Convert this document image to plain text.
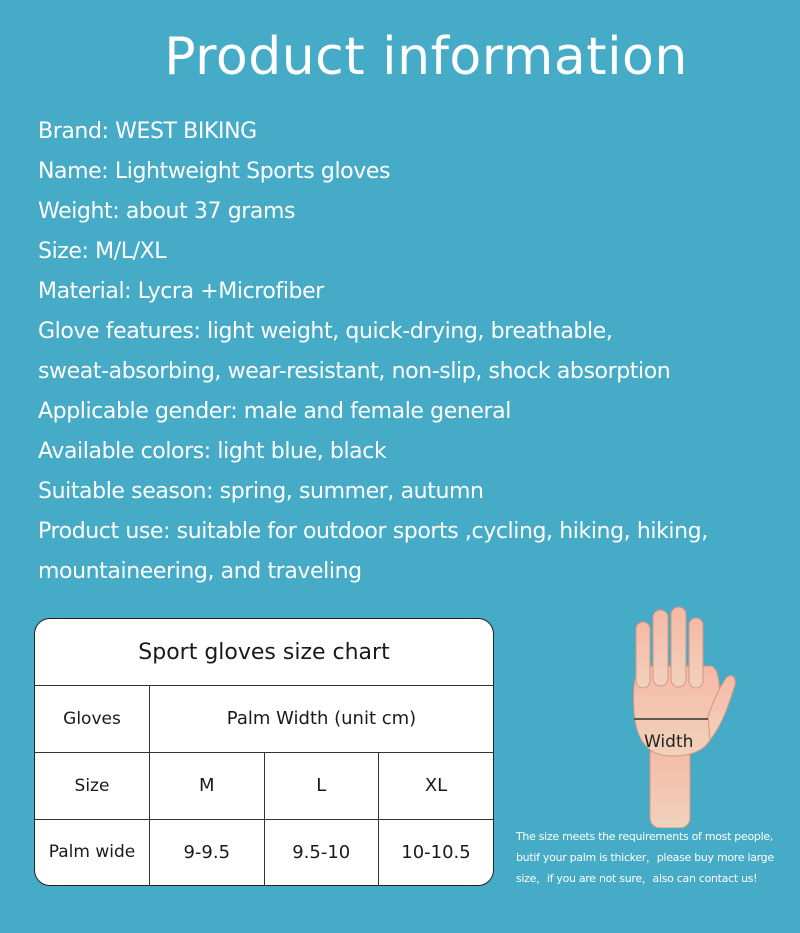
Product information
Brand: WEST BIKING
Name: Lightweight Sports gloves
Weight: about 37 grams
Size: M/L/XL
Material: Lycra +Microfiber
Glove features: light weight, quick-drying, breathable,
sweat-absorbing, wear-resistant, non-slip, shock absorption
Applicable gender: male and female general
Available colors: light blue, black
Suitable season: spring, summer, autumn
Product use: suitable for outdoor sports ,cycling, hiking, hiking,
mountaineering, and traveling
Sport gloves size chart			
Gloves	Palm Width (unit cm)		
Size	M	L	XL
Palm wide	9-9.5	9.5-10	10-10.5
Width
The size meets the requirements of most people,
butif your palm is thicker，please buy more large
size，if you are not sure，also can contact us!
